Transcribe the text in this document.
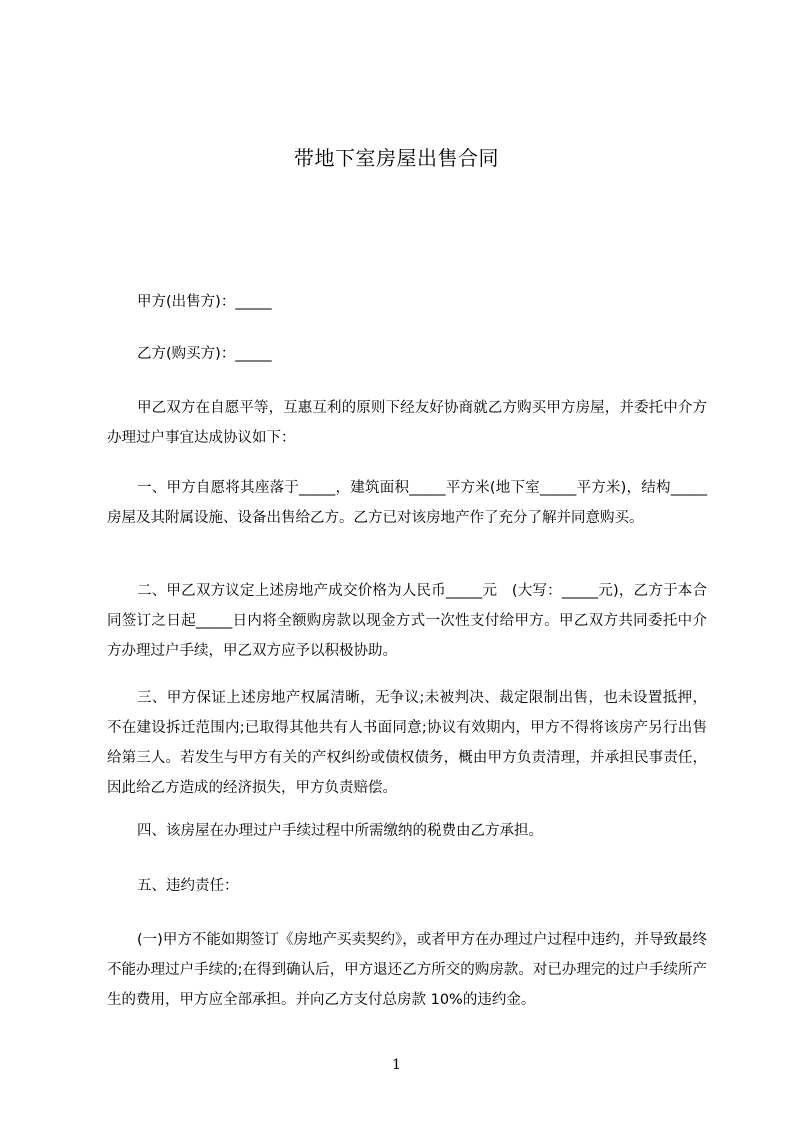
带地下室房屋出售合同
甲方(出售方)：_____
乙方(购买方)：_____
甲乙双方在自愿平等，互惠互利的原则下经友好协商就乙方购买甲方房屋，并委托中介方办理过户事宜达成协议如下：
一、甲方自愿将其座落于_____，建筑面积_____平方米(地下室_____平方米)，结构_____房屋及其附属设施、设备出售给乙方。乙方已对该房地产作了充分了解并同意购买。
二、甲乙双方议定上述房地产成交价格为人民币_____元　(大写：_____元)，乙方于本合同签订之日起_____日内将全额购房款以现金方式一次性支付给甲方。甲乙双方共同委托中介方办理过户手续，甲乙双方应予以积极协助。
三、甲方保证上述房地产权属清晰，无争议;未被判决、裁定限制出售，也未设置抵押，不在建设拆迁范围内;已取得其他共有人书面同意;协议有效期内，甲方不得将该房产另行出售给第三人。若发生与甲方有关的产权纠纷或债权债务，概由甲方负责清理，并承担民事责任，因此给乙方造成的经济损失，甲方负责赔偿。
四、该房屋在办理过户手续过程中所需缴纳的税费由乙方承担。
五、违约责任：
(一)甲方不能如期签订《房地产买卖契约》，或者甲方在办理过户过程中违约，并导致最终不能办理过户手续的;在得到确认后，甲方退还乙方所交的购房款。对已办理完的过户手续所产生的费用，甲方应全部承担。并向乙方支付总房款 10%的违约金。
1
